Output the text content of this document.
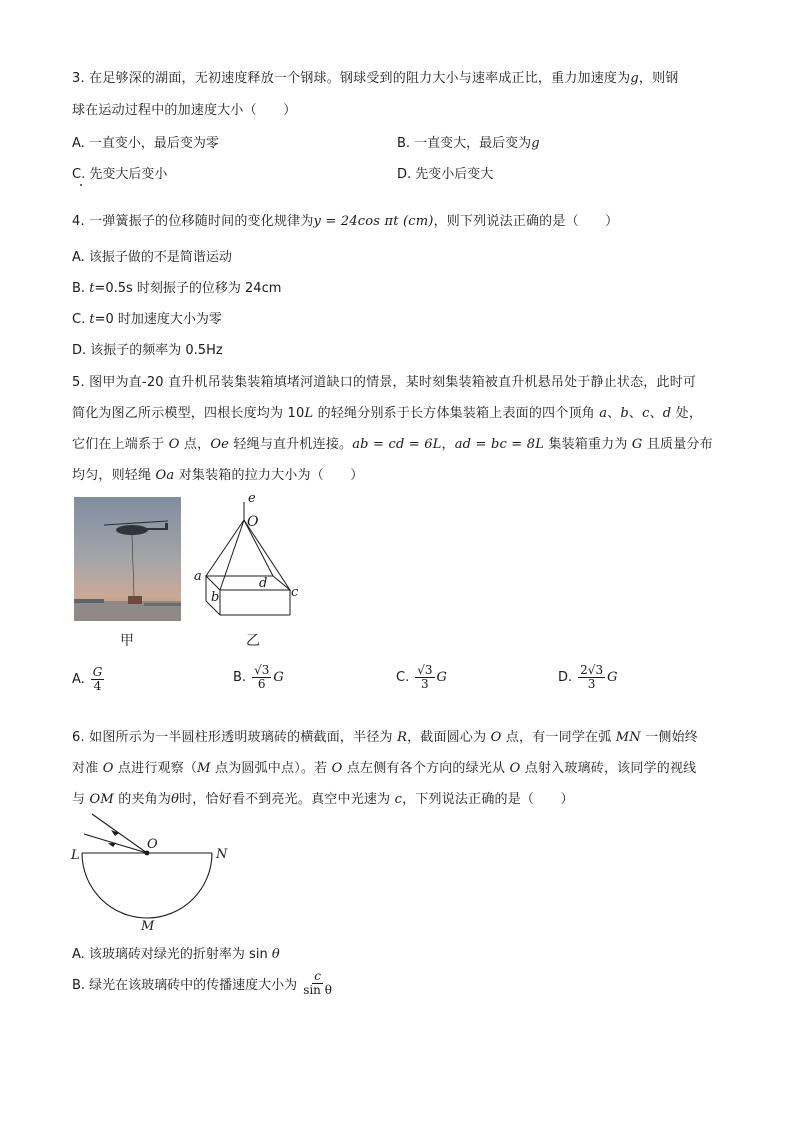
3. 在足够深的湖面，无初速度释放一个钢球。钢球受到的阻力大小与速率成正比，重力加速度为g，则钢
球在运动过程中的加速度大小（　　）
A. 一直变小，最后变为零	B. 一直变大，最后变为g
C. 先变大后变小	D. 先变小后变大
4. 一弹簧振子的位移随时间的变化规律为y = 24cos πt (cm)，则下列说法正确的是（　　）
A. 该振子做的不是简谐运动
B. t=0.5s 时刻振子的位移为 24cm
C. t=0 时加速度大小为零
D. 该振子的频率为 0.5Hz
5. 图甲为直-20 直升机吊装集装箱填堵河道缺口的情景，某时刻集装箱被直升机悬吊处于静止状态，此时可
简化为图乙所示模型，四根长度均为 10L 的轻绳分别系于长方体集装箱上表面的四个顶角 a、b、c、d 处，
它们在上端系于 O 点，Oe 轻绳与直升机连接。ab = cd = 6L，ad = bc = 8L 集装箱重力为 G 且质量分布
均匀，则轻绳 Oa 对集装箱的拉力大小为（　　）
甲
e
O
a
b	c
d
乙
A. $\frac{G}{4}$	B. $\frac{√3}{6}$ G	C. $\frac{√3}{3}$ G	D. $\frac{2√3}{3}$ G
6. 如图所示为一半圆柱形透明玻璃砖的横截面，半径为 R，截面圆心为 O 点，有一同学在弧 MN 一侧始终
对准 O 点进行观察（M 点为圆弧中点）。若 O 点左侧有各个方向的绿光从 O 点射入玻璃砖，该同学的视线
与 OM 的夹角为θ时，恰好看不到亮光。真空中光速为 c，下列说法正确的是（　　）
O
L	N
M
A. 该玻璃砖对绿光的折射率为 sin θ
B. 绿光在该玻璃砖中的传播速度大小为 $\frac{c}{\text{sin θ}}$
